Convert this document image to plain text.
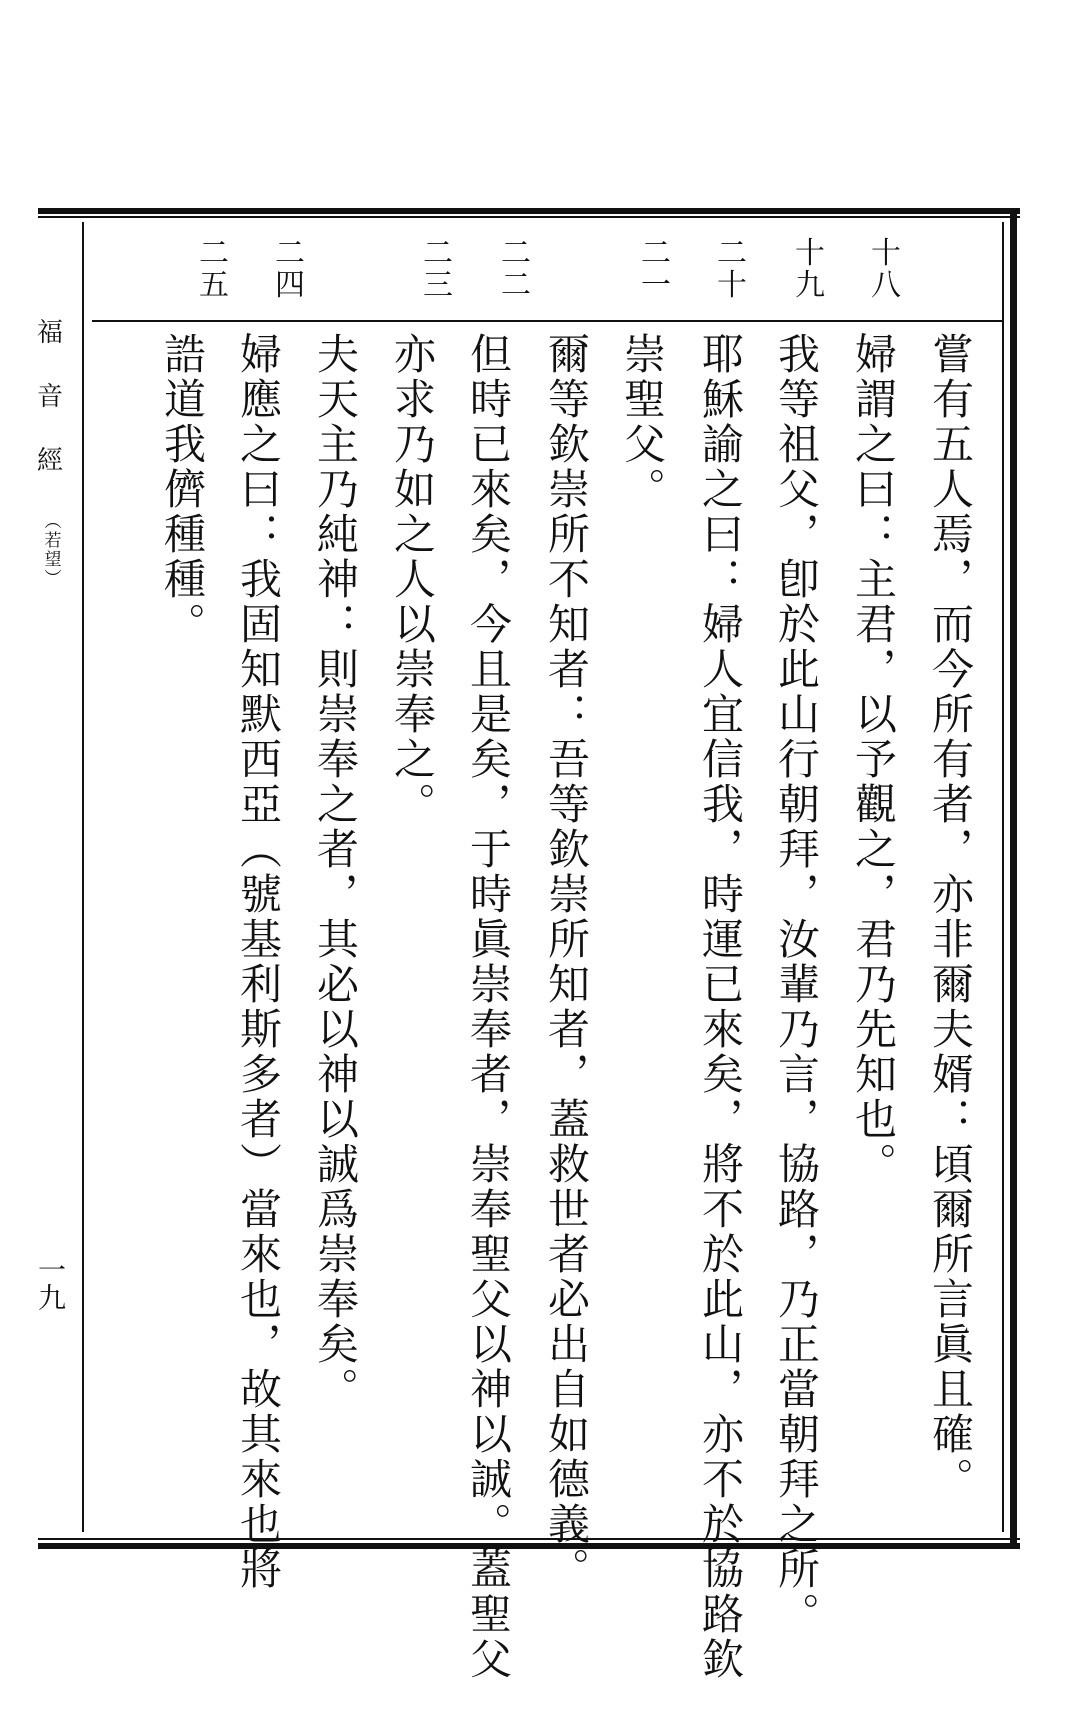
福
音
經
（若望）
一九
十
八
十
九
二
十
二
一
二
二
二
三
二
四
二
五
嘗有五人焉，而今所有者，亦非爾夫婿：頃爾所言眞且確。
婦謂之曰：主君，以予觀之，君乃先知也。
我等祖父，卽於此山行朝拜，汝輩乃言，協路，乃正當朝拜之所。
耶穌諭之曰：婦人宜信我，時運已來矣，將不於此山，亦不於協路欽
崇聖父。
爾等欽崇所不知者：吾等欽崇所知者，蓋救世者必出自如德義。
但時已來矣，今且是矣，于時眞崇奉者，崇奉聖父以神以誠。蓋聖父
亦求乃如之人以崇奉之。
夫天主乃純神：則崇奉之者，其必以神以誠爲崇奉矣。
婦應之曰：我固知默西亞（號基利斯多者）當來也，故其來也將
誥道我儕種種。
